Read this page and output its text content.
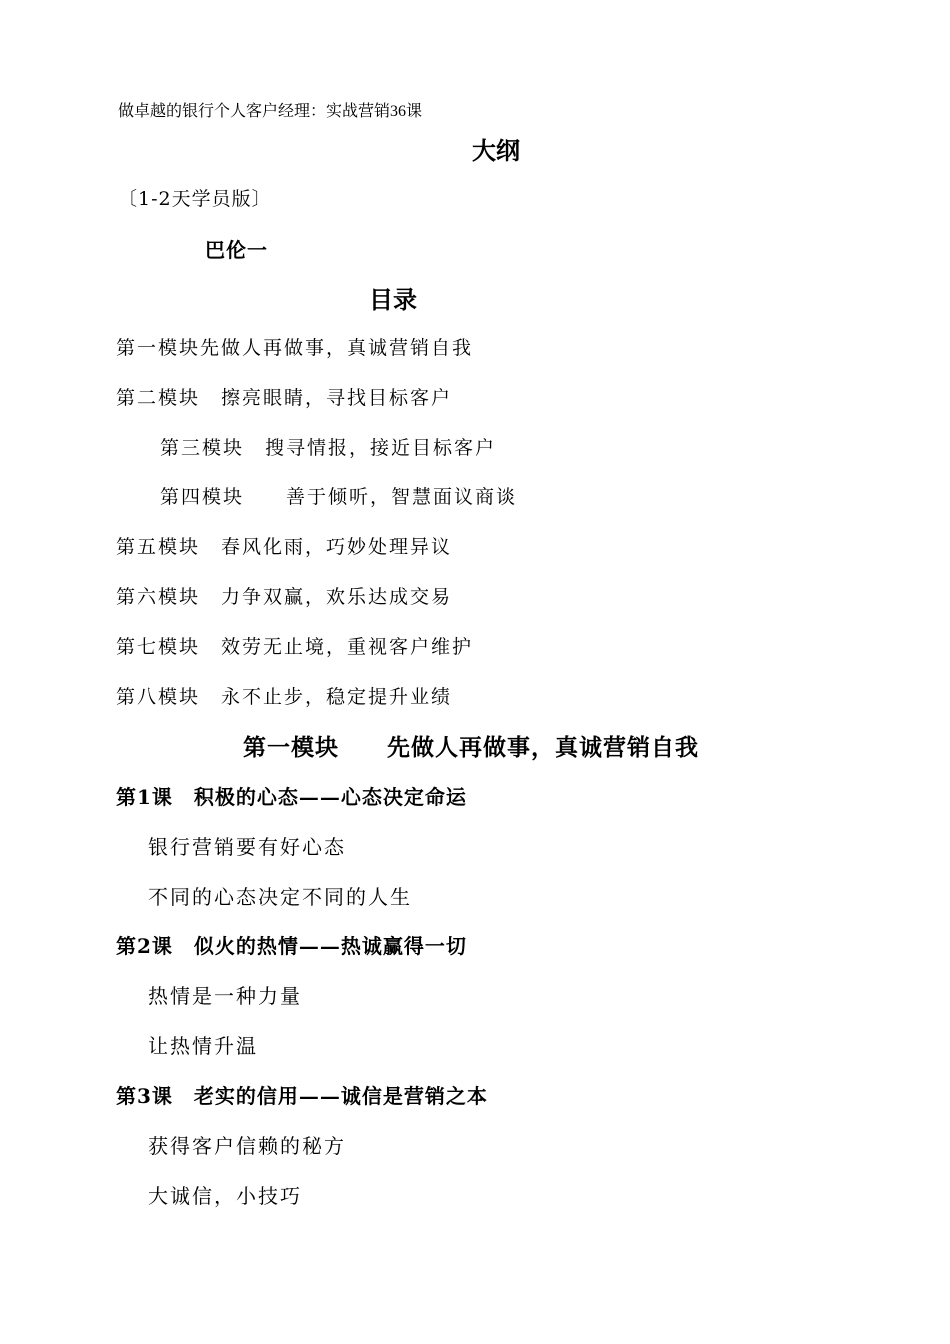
做卓越的银行个人客户经理：实战营销36课
大纲
〔1-2天学员版〕
巴伦一
目录
第一模块先做人再做事，真诚营销自我
第二模块　擦亮眼睛，寻找目标客户
第三模块　搜寻情报，接近目标客户
第四模块　　善于倾听，智慧面议商谈
第五模块　春风化雨，巧妙处理异议
第六模块　力争双赢，欢乐达成交易
第七模块　效劳无止境，重视客户维护
第八模块　永不止步，稳定提升业绩
第一模块　　先做人再做事，真诚营销自我
第1课　积极的心态——心态决定命运
银行营销要有好心态
不同的心态决定不同的人生
第2课　似火的热情——热诚赢得一切
热情是一种力量
让热情升温
第3课　老实的信用——诚信是营销之本
获得客户信赖的秘方
大诚信，小技巧
